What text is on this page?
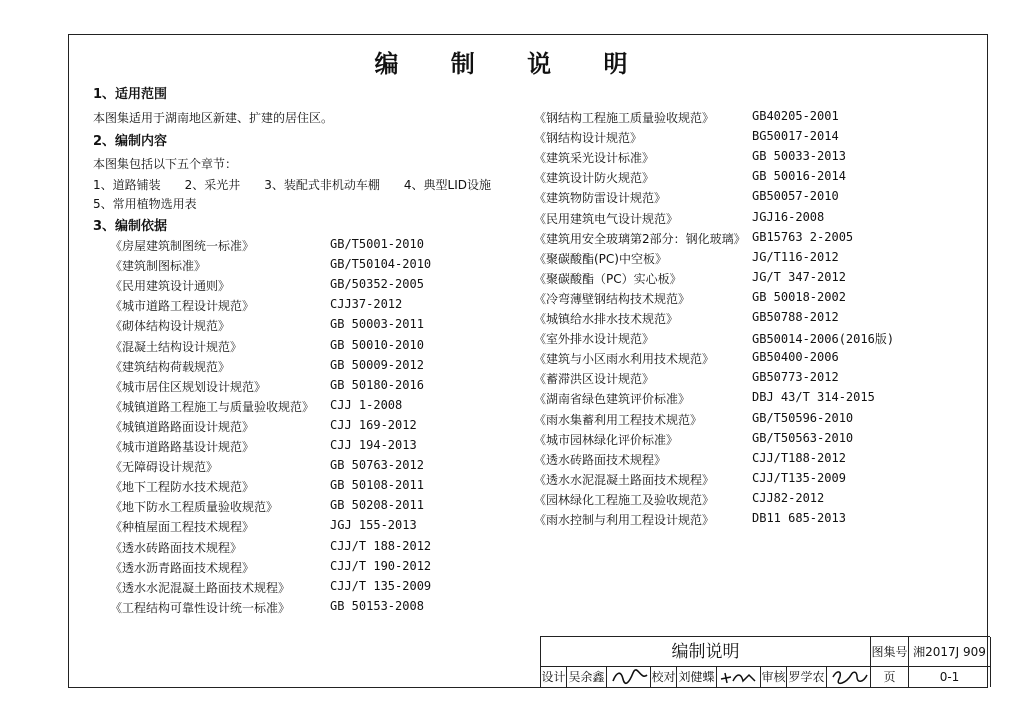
编 制 说 明
1、适用范围
本图集适用于湖南地区新建、扩建的居住区。
2、编制内容
本图集包括以下五个章节：
1、道路铺装　　2、采光井　　3、装配式非机动车棚　　4、典型LID设施
5、常用植物选用表
3、编制依据
《房屋建筑制图统一标准》	GB/T5001-2010
《建筑制图标准》	GB/T50104-2010
《民用建筑设计通则》	GB/50352-2005
《城市道路工程设计规范》	CJJ37-2012
《砌体结构设计规范》	GB 50003-2011
《混凝土结构设计规范》	GB 50010-2010
《建筑结构荷载规范》	GB 50009-2012
《城市居住区规划设计规范》	GB 50180-2016
《城镇道路工程施工与质量验收规范》 CJJ 1-2008
《城镇道路路面设计规范》	CJJ 169-2012
《城市道路路基设计规范》	CJJ 194-2013
《无障碍设计规范》	GB 50763-2012
《地下工程防水技术规范》	GB 50108-2011
《地下防水工程质量验收规范》	GB 50208-2011
《种植屋面工程技术规程》	JGJ 155-2013
《透水砖路面技术规程》	CJJ/T 188-2012
《透水沥青路面技术规程》	CJJ/T 190-2012
《透水水泥混凝土路面技术规程》	CJJ/T 135-2009
《工程结构可靠性设计统一标准》	GB 50153-2008
《钢结构工程施工质量验收规范》	GB40205-2001
《钢结构设计规范》	BG50017-2014
《建筑采光设计标准》	GB 50033-2013
《建筑设计防火规范》	GB 50016-2014
《建筑物防雷设计规范》	GB50057-2010
《民用建筑电气设计规范》	JGJ16-2008
《建筑用安全玻璃第2部分：钢化玻璃》 GB15763 2-2005
《聚碳酸酯(PC)中空板》	JG/T116-2012
《聚碳酸酯（PC）实心板》	JG/T 347-2012
《冷弯薄壁钢结构技术规范》	GB 50018-2002
《城镇给水排水技术规范》	GB50788-2012
《室外排水设计规范》	GB50014-2006(2016版)
《建筑与小区雨水利用技术规范》	GB50400-2006
《蓄滞洪区设计规范》	GB50773-2012
《湖南省绿色建筑评价标准》	DBJ 43/T 314-2015
《雨水集蓄利用工程技术规范》	GB/T50596-2010
《城市园林绿化评价标准》	GB/T50563-2010
《透水砖路面技术规程》	CJJ/T188-2012
《透水水泥混凝土路面技术规程》	CJJ/T135-2009
《园林绿化工程施工及验收规范》	CJJ82-2012
《雨水控制与利用工程设计规范》	DB11 685-2013
编制说明	图集号 湘2017J 909
设计 吴余鑫	校对 刘健蝶	审核 罗学农	页	0-1
